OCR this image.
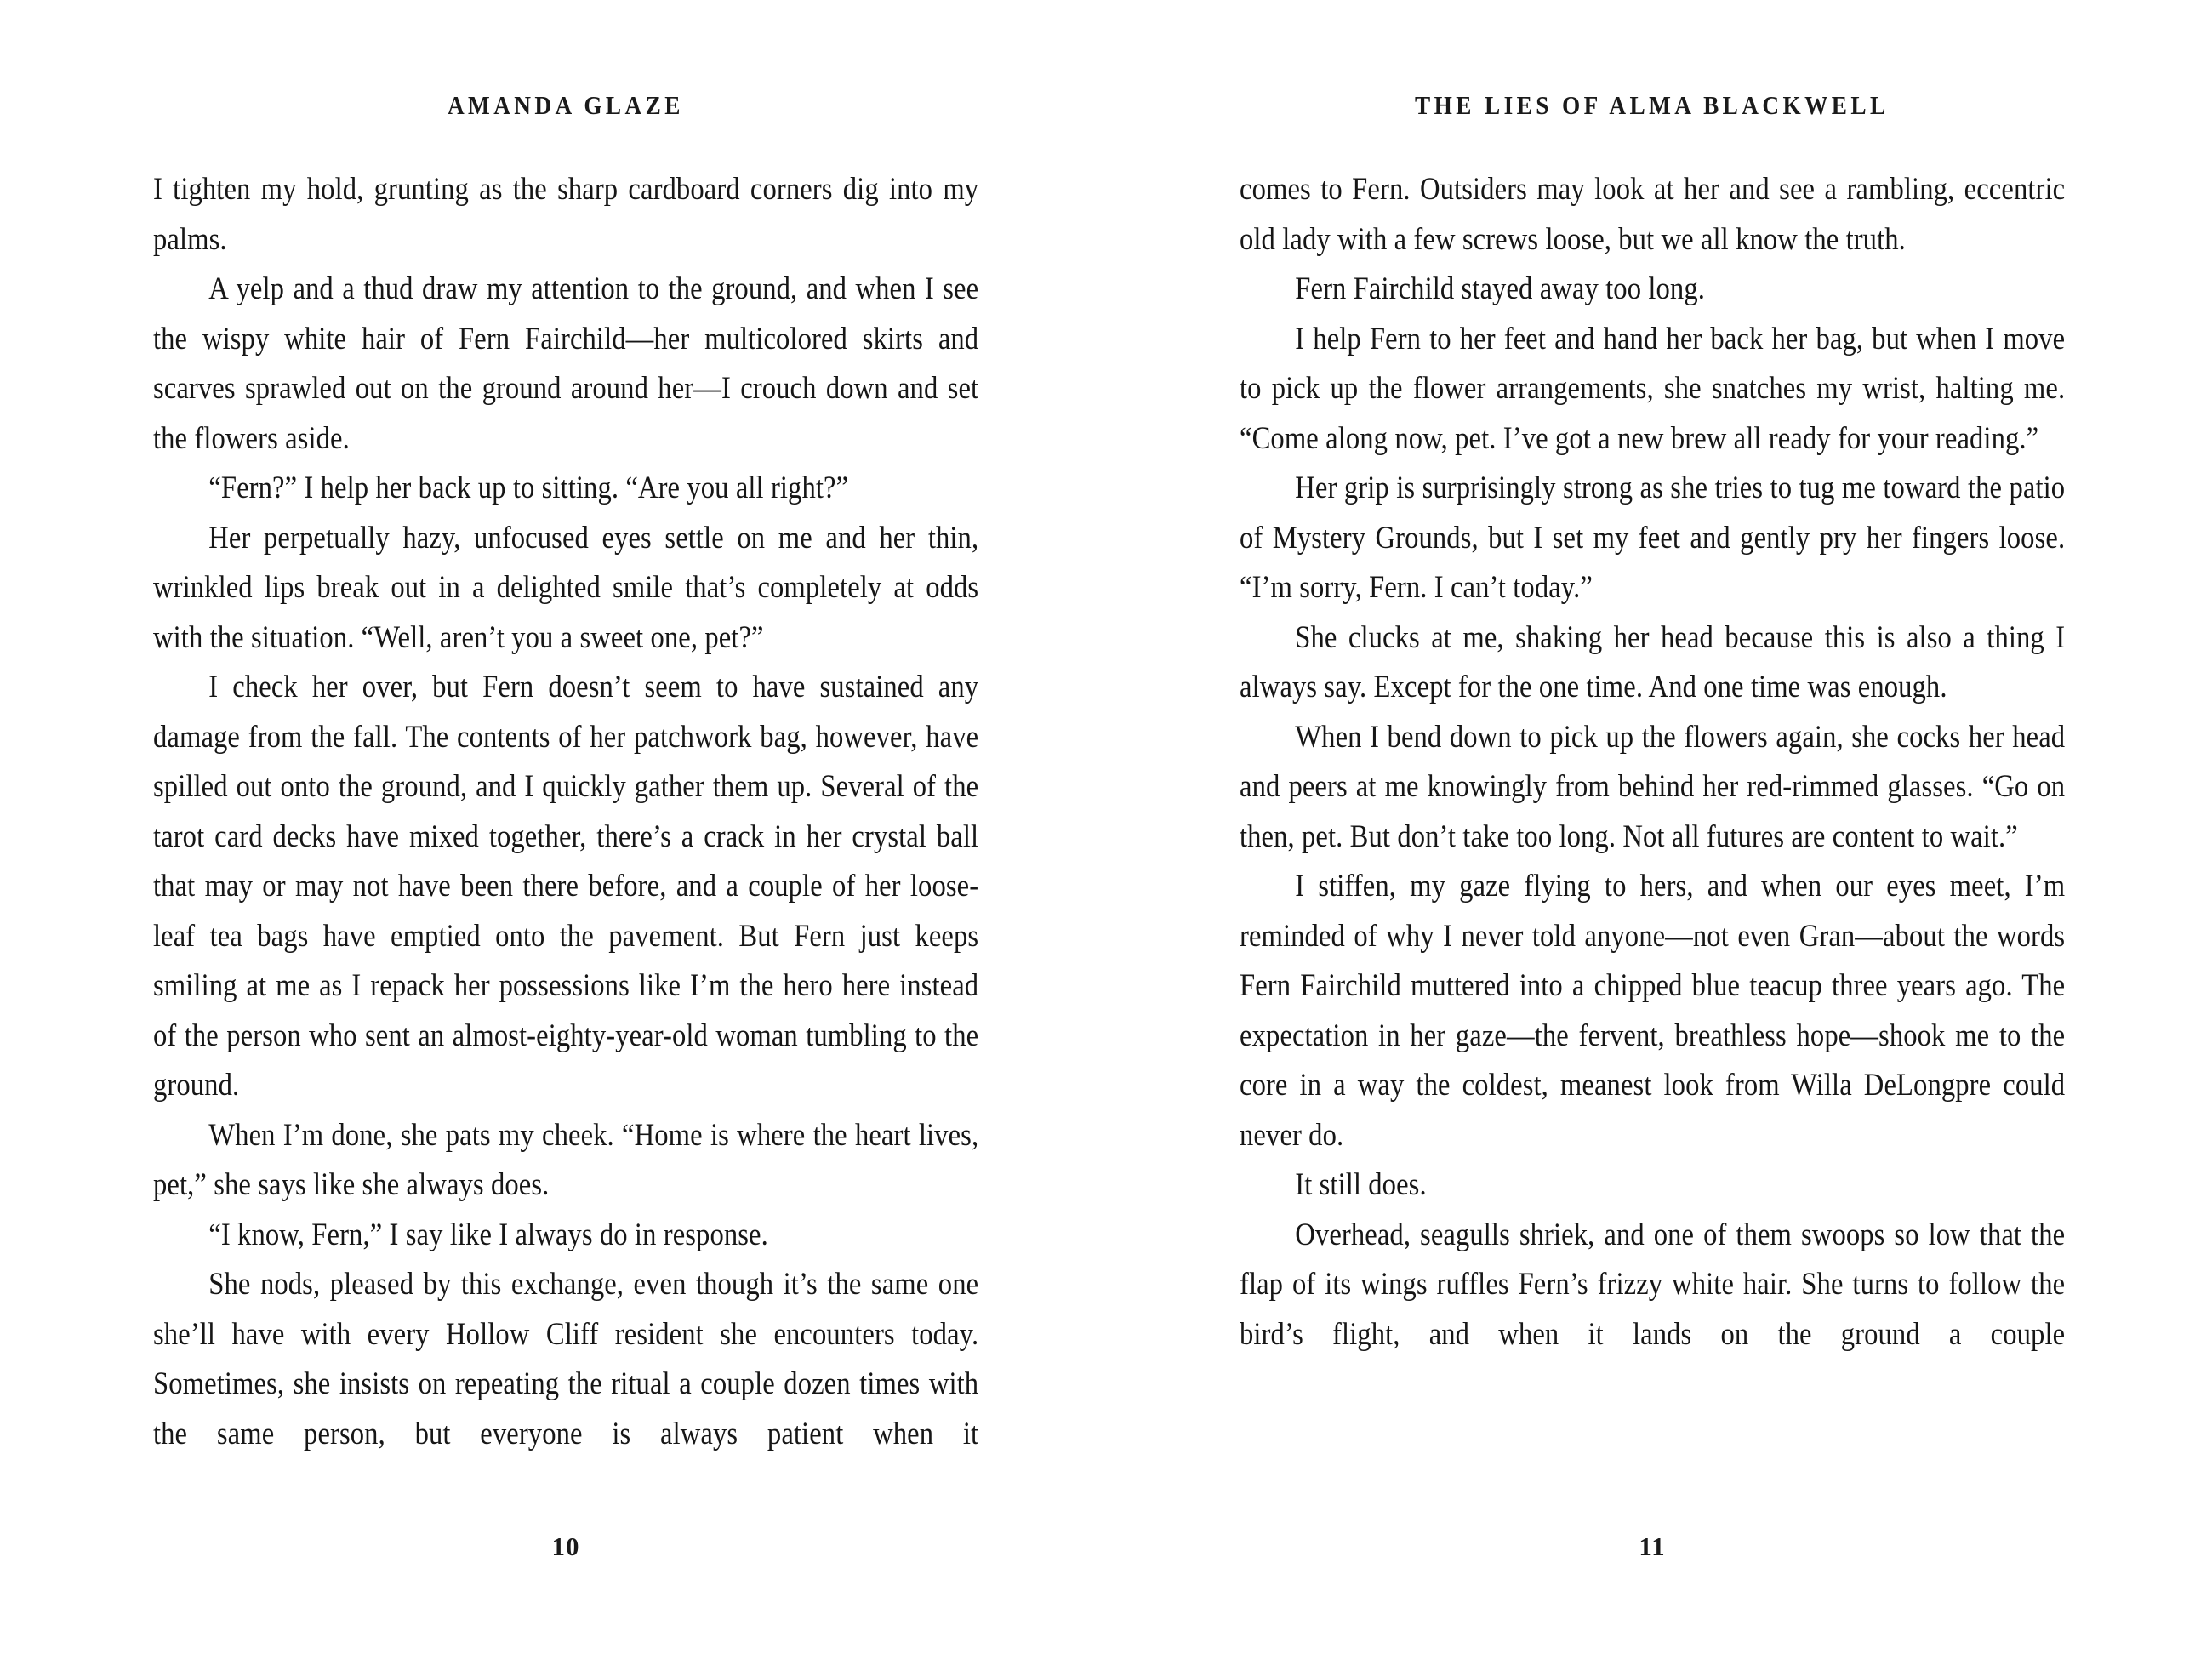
AMANDA GLAZE

I tighten my hold, grunting as the sharp cardboard corners dig into my palms.

A yelp and a thud draw my attention to the ground, and when I see the wispy white hair of Fern Fairchild—her multicolored skirts and scarves sprawled out on the ground around her—I crouch down and set the flowers aside.

“Fern?” I help her back up to sitting. “Are you all right?”

Her perpetually hazy, unfocused eyes settle on me and her thin, wrinkled lips break out in a delighted smile that’s completely at odds with the situation. “Well, aren’t you a sweet one, pet?”

I check her over, but Fern doesn’t seem to have sustained any damage from the fall. The contents of her patchwork bag, however, have spilled out onto the ground, and I quickly gather them up. Several of the tarot card decks have mixed together, there’s a crack in her crystal ball that may or may not have been there before, and a couple of her loose-leaf tea bags have emptied onto the pavement. But Fern just keeps smiling at me as I repack her possessions like I’m the hero here instead of the person who sent an almost-eighty-year-old woman tumbling to the ground.

When I’m done, she pats my cheek. “Home is where the heart lives, pet,” she says like she always does.

“I know, Fern,” I say like I always do in response.

She nods, pleased by this exchange, even though it’s the same one she’ll have with every Hollow Cliff resident she encounters today. Sometimes, she insists on repeating the ritual a couple dozen times with the same person, but everyone is always patient when it

10
THE LIES OF ALMA BLACKWELL

comes to Fern. Outsiders may look at her and see a rambling, eccentric old lady with a few screws loose, but we all know the truth.

Fern Fairchild stayed away too long.

I help Fern to her feet and hand her back her bag, but when I move to pick up the flower arrangements, she snatches my wrist, halting me. “Come along now, pet. I’ve got a new brew all ready for your reading.”

Her grip is surprisingly strong as she tries to tug me toward the patio of Mystery Grounds, but I set my feet and gently pry her fingers loose. “I’m sorry, Fern. I can’t today.”

She clucks at me, shaking her head because this is also a thing I always say. Except for the one time. And one time was enough.

When I bend down to pick up the flowers again, she cocks her head and peers at me knowingly from behind her red-rimmed glasses. “Go on then, pet. But don’t take too long. Not all futures are content to wait.”

I stiffen, my gaze flying to hers, and when our eyes meet, I’m reminded of why I never told anyone—not even Gran—about the words Fern Fairchild muttered into a chipped blue teacup three years ago. The expectation in her gaze—the fervent, breathless hope—shook me to the core in a way the coldest, meanest look from Willa DeLongpre could never do.

It still does.

Overhead, seagulls shriek, and one of them swoops so low that the flap of its wings ruffles Fern’s frizzy white hair. She turns to follow the bird’s flight, and when it lands on the ground a couple

11
